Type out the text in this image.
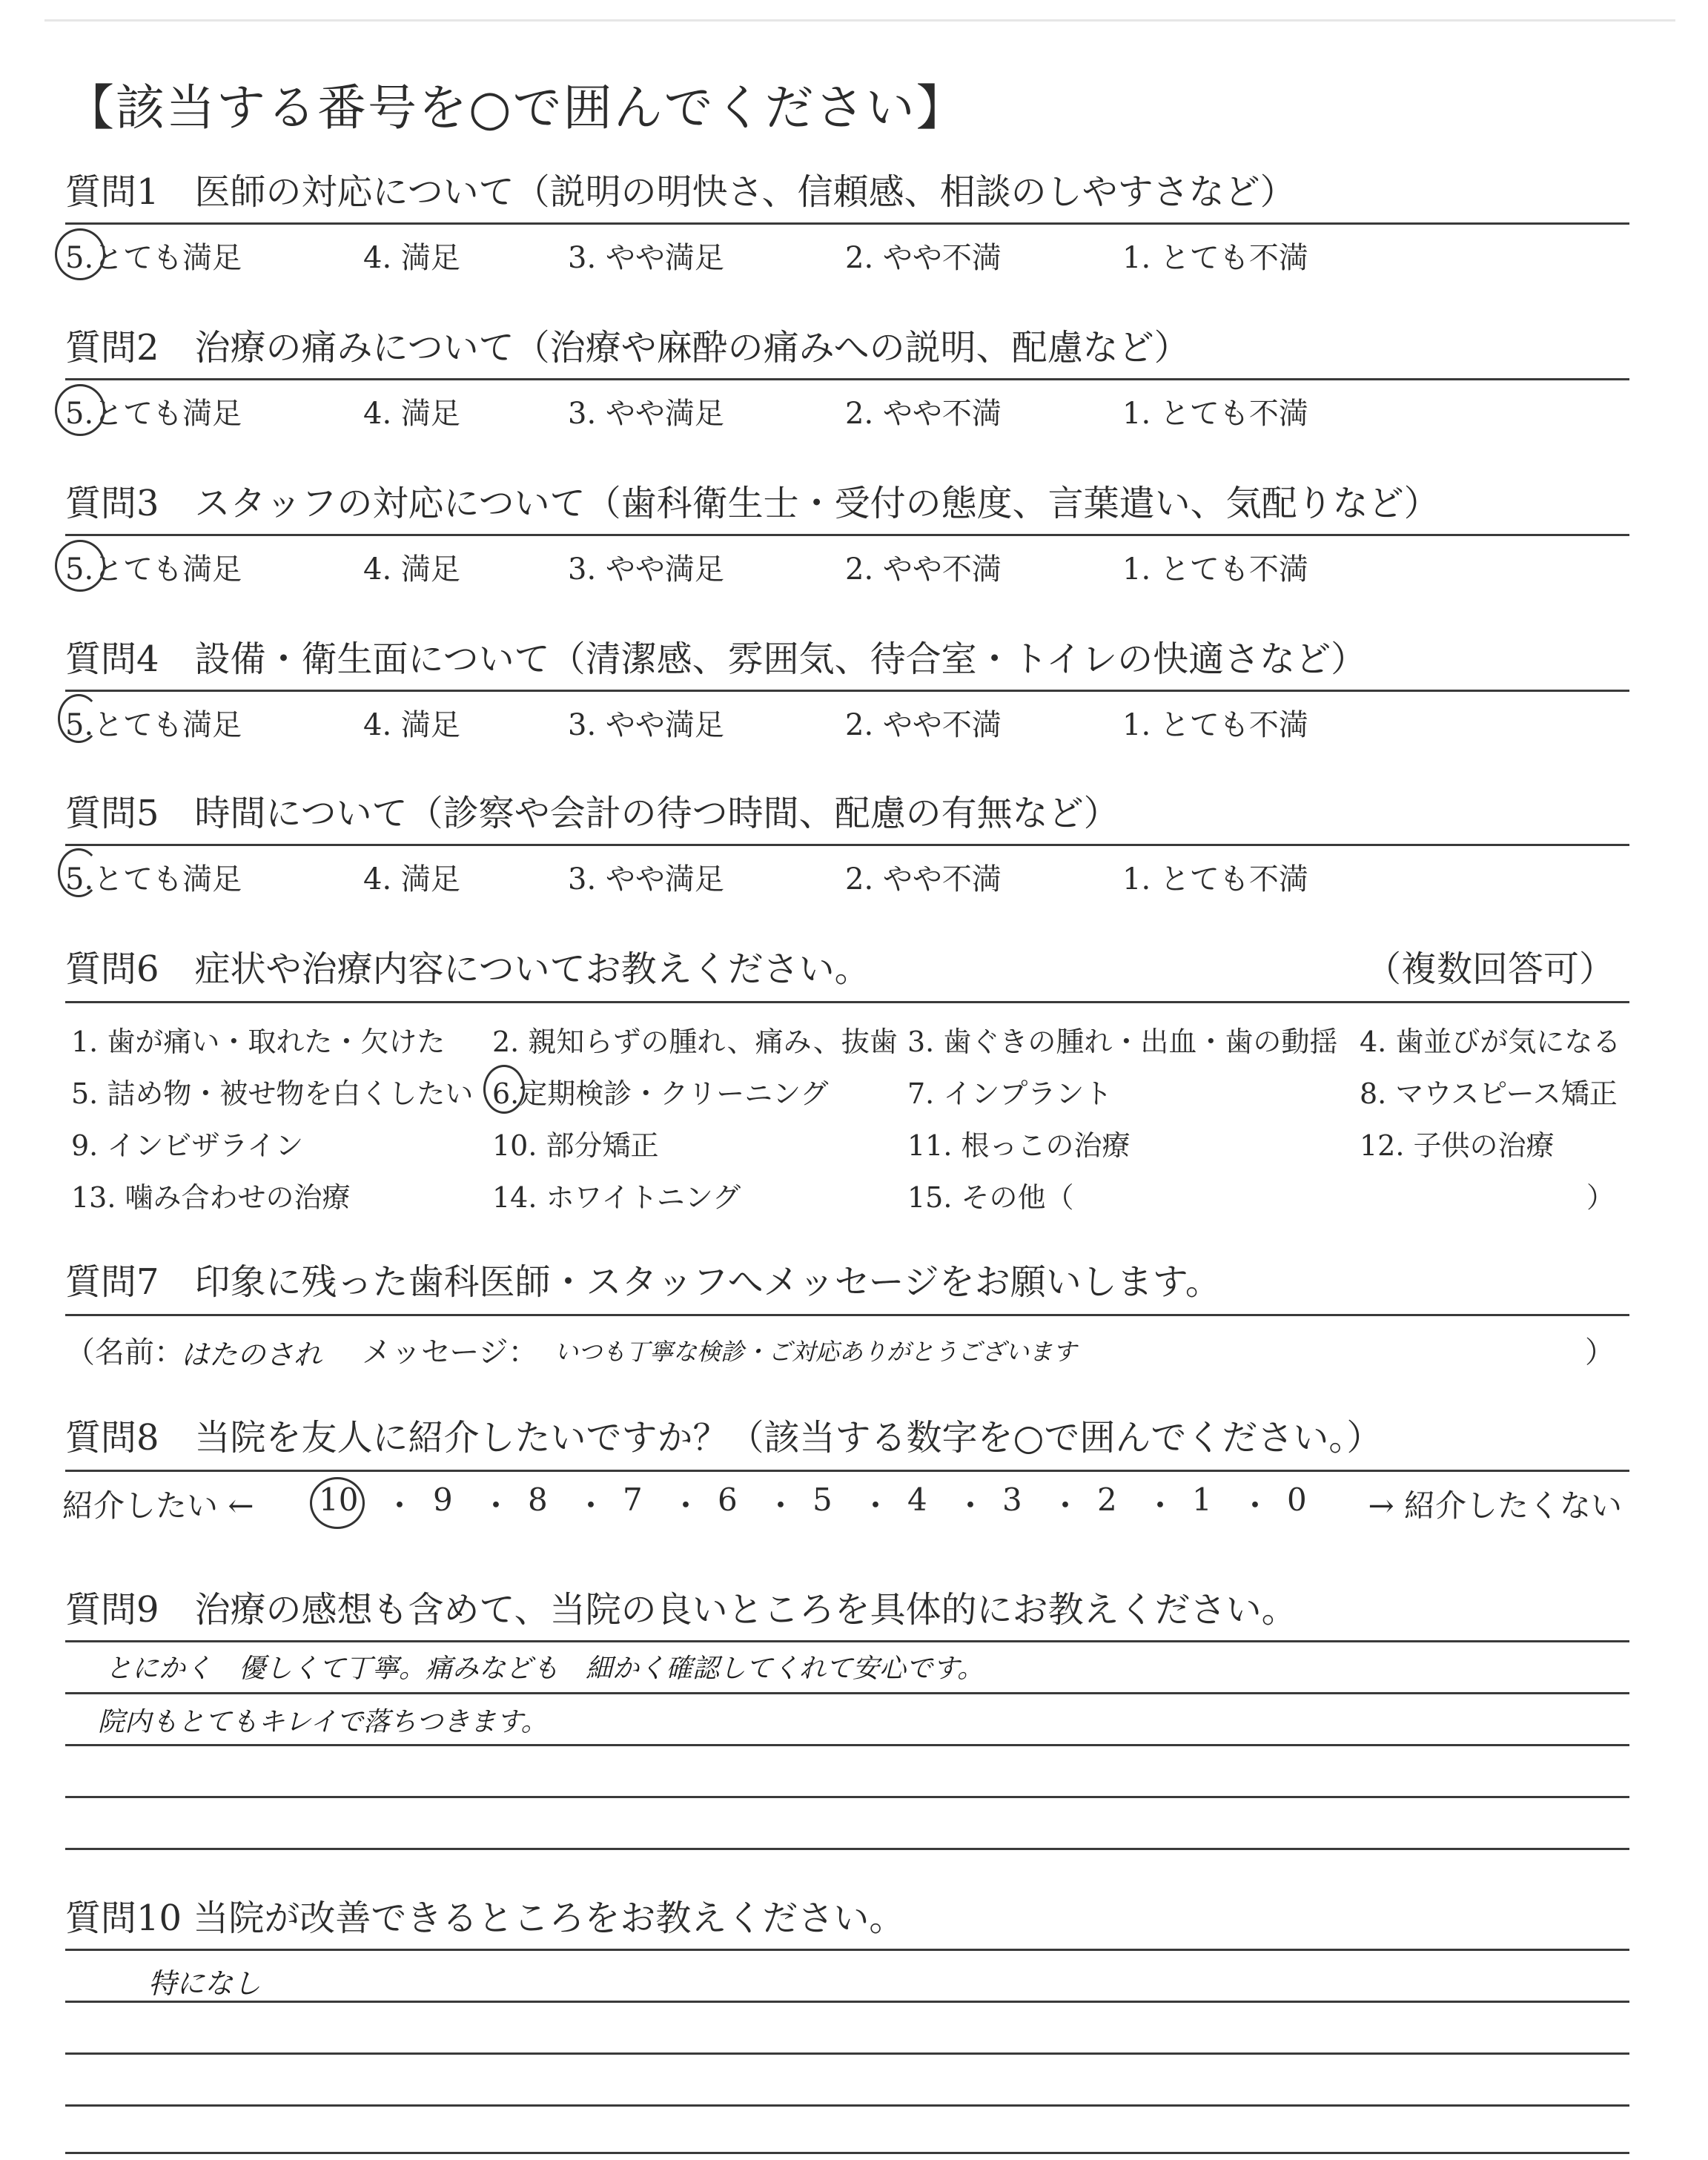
【該当する番号を○で囲んでください】
質問1　医師の対応について（説明の明快さ、信頼感、相談のしやすさなど）
5.とても満足	4. 満足	3. やや満足	2. やや不満	1. とても不満
質問2　治療の痛みについて（治療や麻酔の痛みへの説明、配慮など）
5.とても満足	4. 満足	3. やや満足	2. やや不満	1. とても不満
質問3　スタッフの対応について（歯科衛生士・受付の態度、言葉遣い、気配りなど）
5.とても満足	4. 満足	3. やや満足	2. やや不満	1. とても不満
質問4　設備・衛生面について（清潔感、雰囲気、待合室・トイレの快適さなど）
5.とても満足	4. 満足	3. やや満足	2. やや不満	1. とても不満
質問5　時間について（診察や会計の待つ時間、配慮の有無など）
5.とても満足	4. 満足	3. やや満足	2. やや不満	1. とても不満
質問6　症状や治療内容についてお教えください。	（複数回答可）
1. 歯が痛い・取れた・欠けた 2. 親知らずの腫れ、痛み、抜歯 3. 歯ぐきの腫れ・出血・歯の動揺 4. 歯並びが気になる
5. 詰め物・被せ物を白くしたい 6.定期検診・クリーニング	7. インプラント	8. マウスピース矯正
9. インビザライン	10. 部分矯正	11. 根っこの治療	12. 子供の治療
13. 噛み合わせの治療	14. ホワイトニング	15. その他（	）
質問7　印象に残った歯科医師・スタッフへメッセージをお願いします。
（名前：
はたのされ メッセージ： いつも丁寧な検診・ご対応ありがとうございます	）
質問8　当院を友人に紹介したいですか？（該当する数字を○で囲んでください。）
紹介したい ← 10 ・ 9 ・ 8 ・ 7 ・ 6 ・ 5 ・ 4 ・ 3 ・ 2 ・ 1 ・ 0 → 紹介したくない
質問9　治療の感想も含めて、当院の良いところを具体的にお教えください。
とにかく　優しくて丁寧。痛みなども　細かく確認してくれて安心です。
院内もとてもキレイで落ちつきます。
質問10 当院が改善できるところをお教えください。
特になし
